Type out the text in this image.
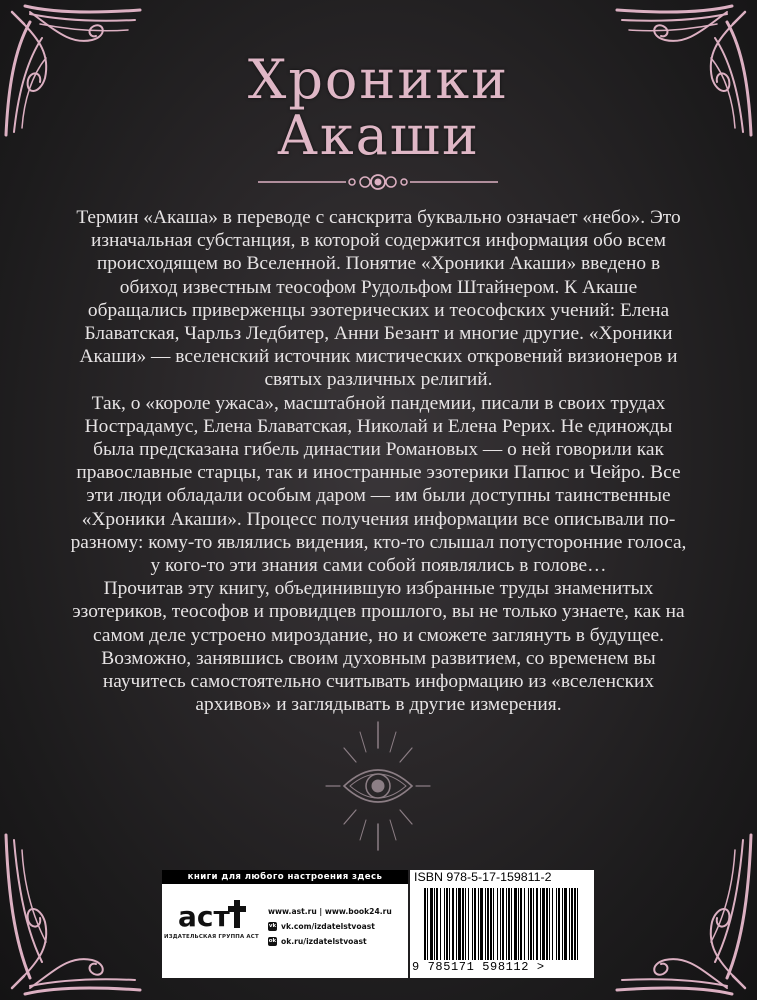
Хроники
Акаши

Термин «Акаша» в переводе с санскрита буквально означает «небо». Это изначальная субстанция, в которой содержится информация обо всем происходящем во Вселенной. Понятие «Хроники Акаши» введено в обиход известным теософом Рудольфом Штайнером. К Акаше обращались приверженцы эзотерических и теософских учений: Елена Блаватская, Чарльз Ледбитер, Анни Безант и многие другие. «Хроники Акаши» — вселенский источник мистических откровений визионеров и святых различных религий.

Так, о «короле ужаса», масштабной пандемии, писали в своих трудах Нострадамус, Елена Блаватская, Николай и Елена Рерих. Не единожды была предсказана гибель династии Романовых — о ней говорили как православные старцы, так и иностранные эзотерики Папюс и Чейро. Все эти люди обладали особым даром — им были доступны таинственные «Хроники Акаши». Процесс получения информации все описывали по-разному: кому-то являлись видения, кто-то слышал потусторонние голоса, у кого-то эти знания сами собой появлялись в голове…

Прочитав эту книгу, объединившую избранные труды знаменитых эзотериков, теософов и провидцев прошлого, вы не только узнаете, как на самом деле устроено мироздание, но и сможете заглянуть в будущее. Возможно, занявшись своим духовным развитием, со временем вы научитесь самостоятельно считывать информацию из «вселенских архивов» и заглядывать в другие измерения.

книги для любого настроения здесь
аст
ИЗДАТЕЛЬСКАЯ ГРУППА АСТ
www.ast.ru | www.book24.ru
vk vk.com/izdatelstvoast
ok ok.ru/izdatelstvoast
ISBN 978-5-17-159811-2
9 785171 598112 >
